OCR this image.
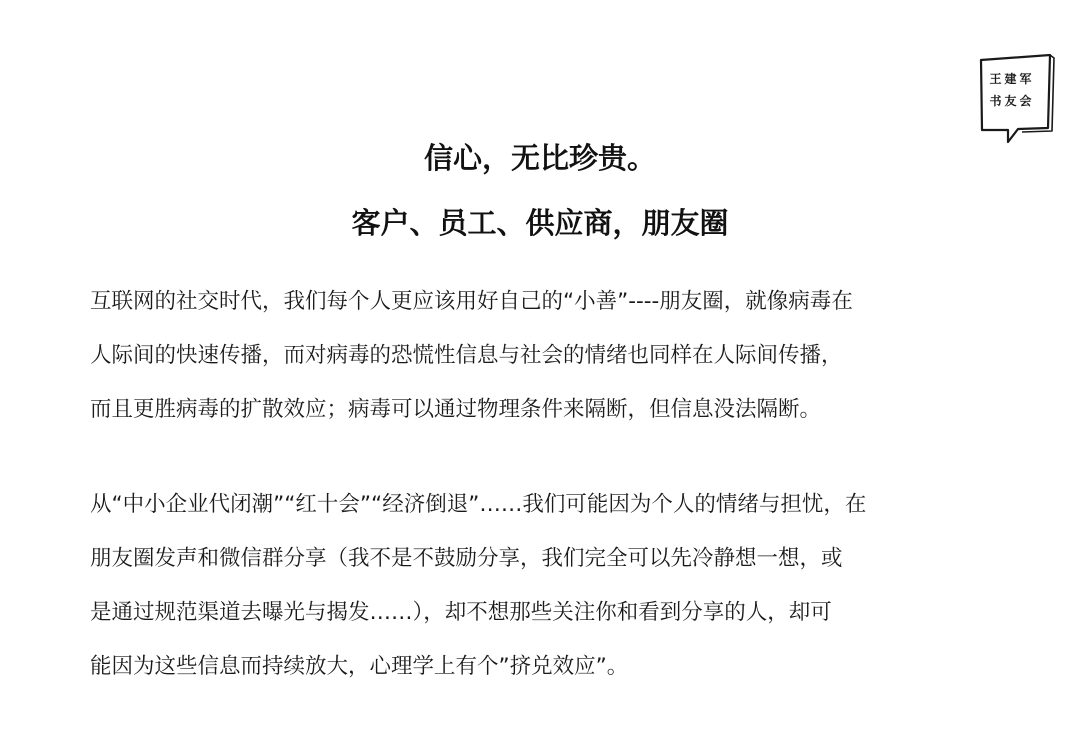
王建军
书友会
信心，无比珍贵。
客户、员工、供应商，朋友圈
互联网的社交时代，我们每个人更应该用好自己的“小善”----朋友圈，就像病毒在
人际间的快速传播，而对病毒的恐慌性信息与社会的情绪也同样在人际间传播，
而且更胜病毒的扩散效应；病毒可以通过物理条件来隔断，但信息没法隔断。
从“中小企业代闭潮”“红十会”“经济倒退”……我们可能因为个人的情绪与担忧，在
朋友圈发声和微信群分享（我不是不鼓励分享，我们完全可以先冷静想一想，或
是通过规范渠道去曝光与揭发……），却不想那些关注你和看到分享的人，却可
能因为这些信息而持续放大，心理学上有个”挤兑效应”。
